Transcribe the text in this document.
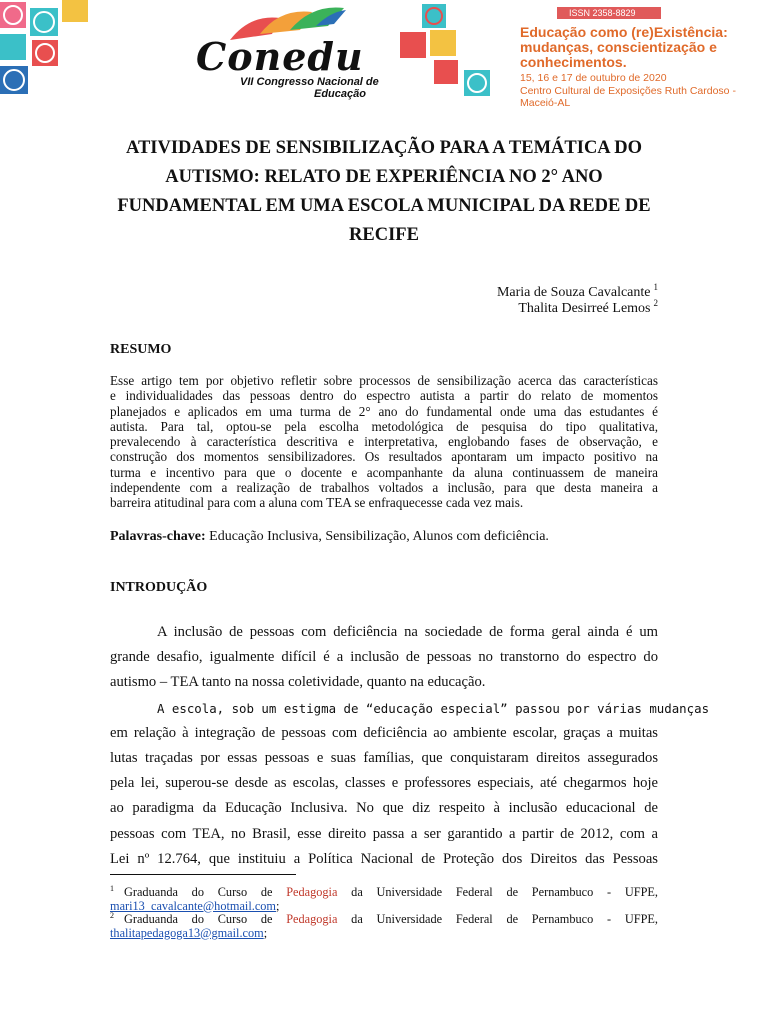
Conedu
VII Congresso Nacional de
Educação
ISSN 2358-8829
Educação como (re)Existência:
mudanças, conscientização e
conhecimentos.
15, 16 e 17 de outubro de 2020
Centro Cultural de Exposições Ruth Cardoso - Maceió-AL
ATIVIDADES DE SENSIBILIZAÇÃO PARA A TEMÁTICA DO
AUTISMO: RELATO DE EXPERIÊNCIA NO 2° ANO
FUNDAMENTAL EM UMA ESCOLA MUNICIPAL DA REDE DE
RECIFE
Maria de Souza Cavalcante $^1$
Thalita Desirreé Lemos $^2$
RESUMO
Esse artigo tem por objetivo refletir sobre processos de sensibilização acerca das características
e individualidades das pessoas dentro do espectro autista a partir do relato de momentos
planejados e aplicados em uma turma de 2° ano do fundamental onde uma das estudantes é
autista. Para tal, optou-se pela escolha metodológica de pesquisa do tipo qualitativa,
prevalecendo à característica descritiva e interpretativa, englobando fases de observação, e
construção dos momentos sensibilizadores. Os resultados apontaram um impacto positivo na
turma e incentivo para que o docente e acompanhante da aluna continuassem de maneira
independente com a realização de trabalhos voltados a inclusão, para que desta maneira a
barreira atitudinal para com a aluna com TEA se enfraquecesse cada vez mais.
Palavras-chave: Educação Inclusiva, Sensibilização, Alunos com deficiência.
INTRODUÇÃO
A inclusão de pessoas com deficiência na sociedade de forma geral ainda é um
grande desafio, igualmente difícil é a inclusão de pessoas no transtorno do espectro do
autismo – TEA tanto na nossa coletividade, quanto na educação.
A escola, sob um estigma de “educação especial” passou por várias mudanças
em relação à integração de pessoas com deficiência ao ambiente escolar, graças a muitas
lutas traçadas por essas pessoas e suas famílias, que conquistaram direitos assegurados
pela lei, superou-se desde as escolas, classes e professores especiais, até chegarmos hoje
ao paradigma da Educação Inclusiva. No que diz respeito à inclusão educacional de
pessoas com TEA, no Brasil, esse direito passa a ser garantido a partir de 2012, com a
Lei nº 12.764, que instituiu a Política Nacional de Proteção dos Direitos das Pessoas
$^1$ Graduanda do Curso de Pedagogia da Universidade Federal de Pernambuco - UFPE,
mari13_cavalcante@hotmail.com;
$^2$ Graduanda do Curso de Pedagogia da Universidade Federal de Pernambuco - UFPE,
thalitapedagoga13@gmail.com;
